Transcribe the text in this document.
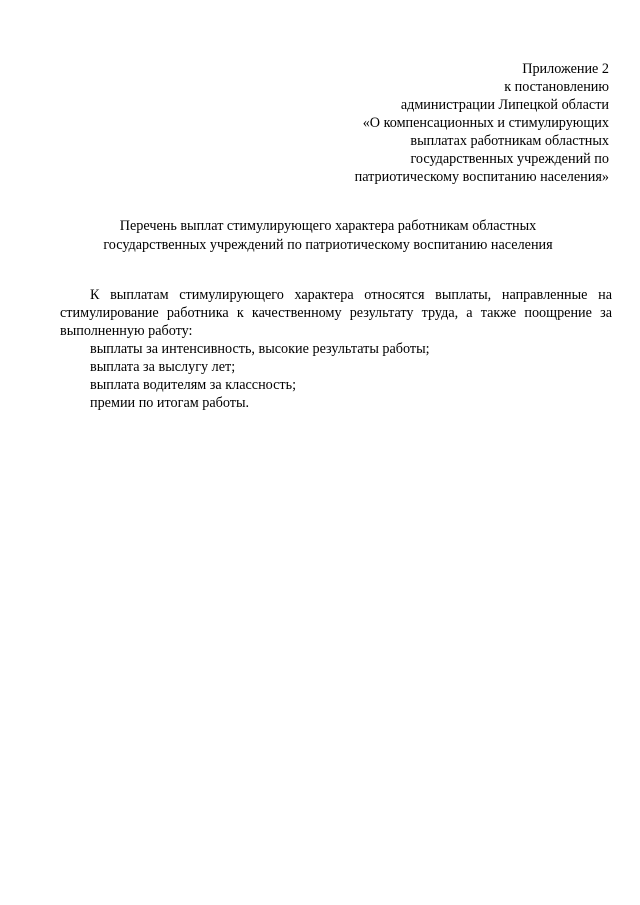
Приложение 2
к постановлению
администрации Липецкой области
«О компенсационных и стимулирующих
выплатах работникам областных
государственных учреждений по
патриотическому воспитанию населения»
Перечень выплат стимулирующего характера работникам областных
государственных учреждений по патриотическому воспитанию населения

К выплатам стимулирующего характера относятся выплаты, направленные на стимулирование работника к качественному результату труда, а также поощрение за выполненную работу:

выплаты за интенсивность, высокие результаты работы;

выплата за выслугу лет;

выплата водителям за классность;

премии по итогам работы.
